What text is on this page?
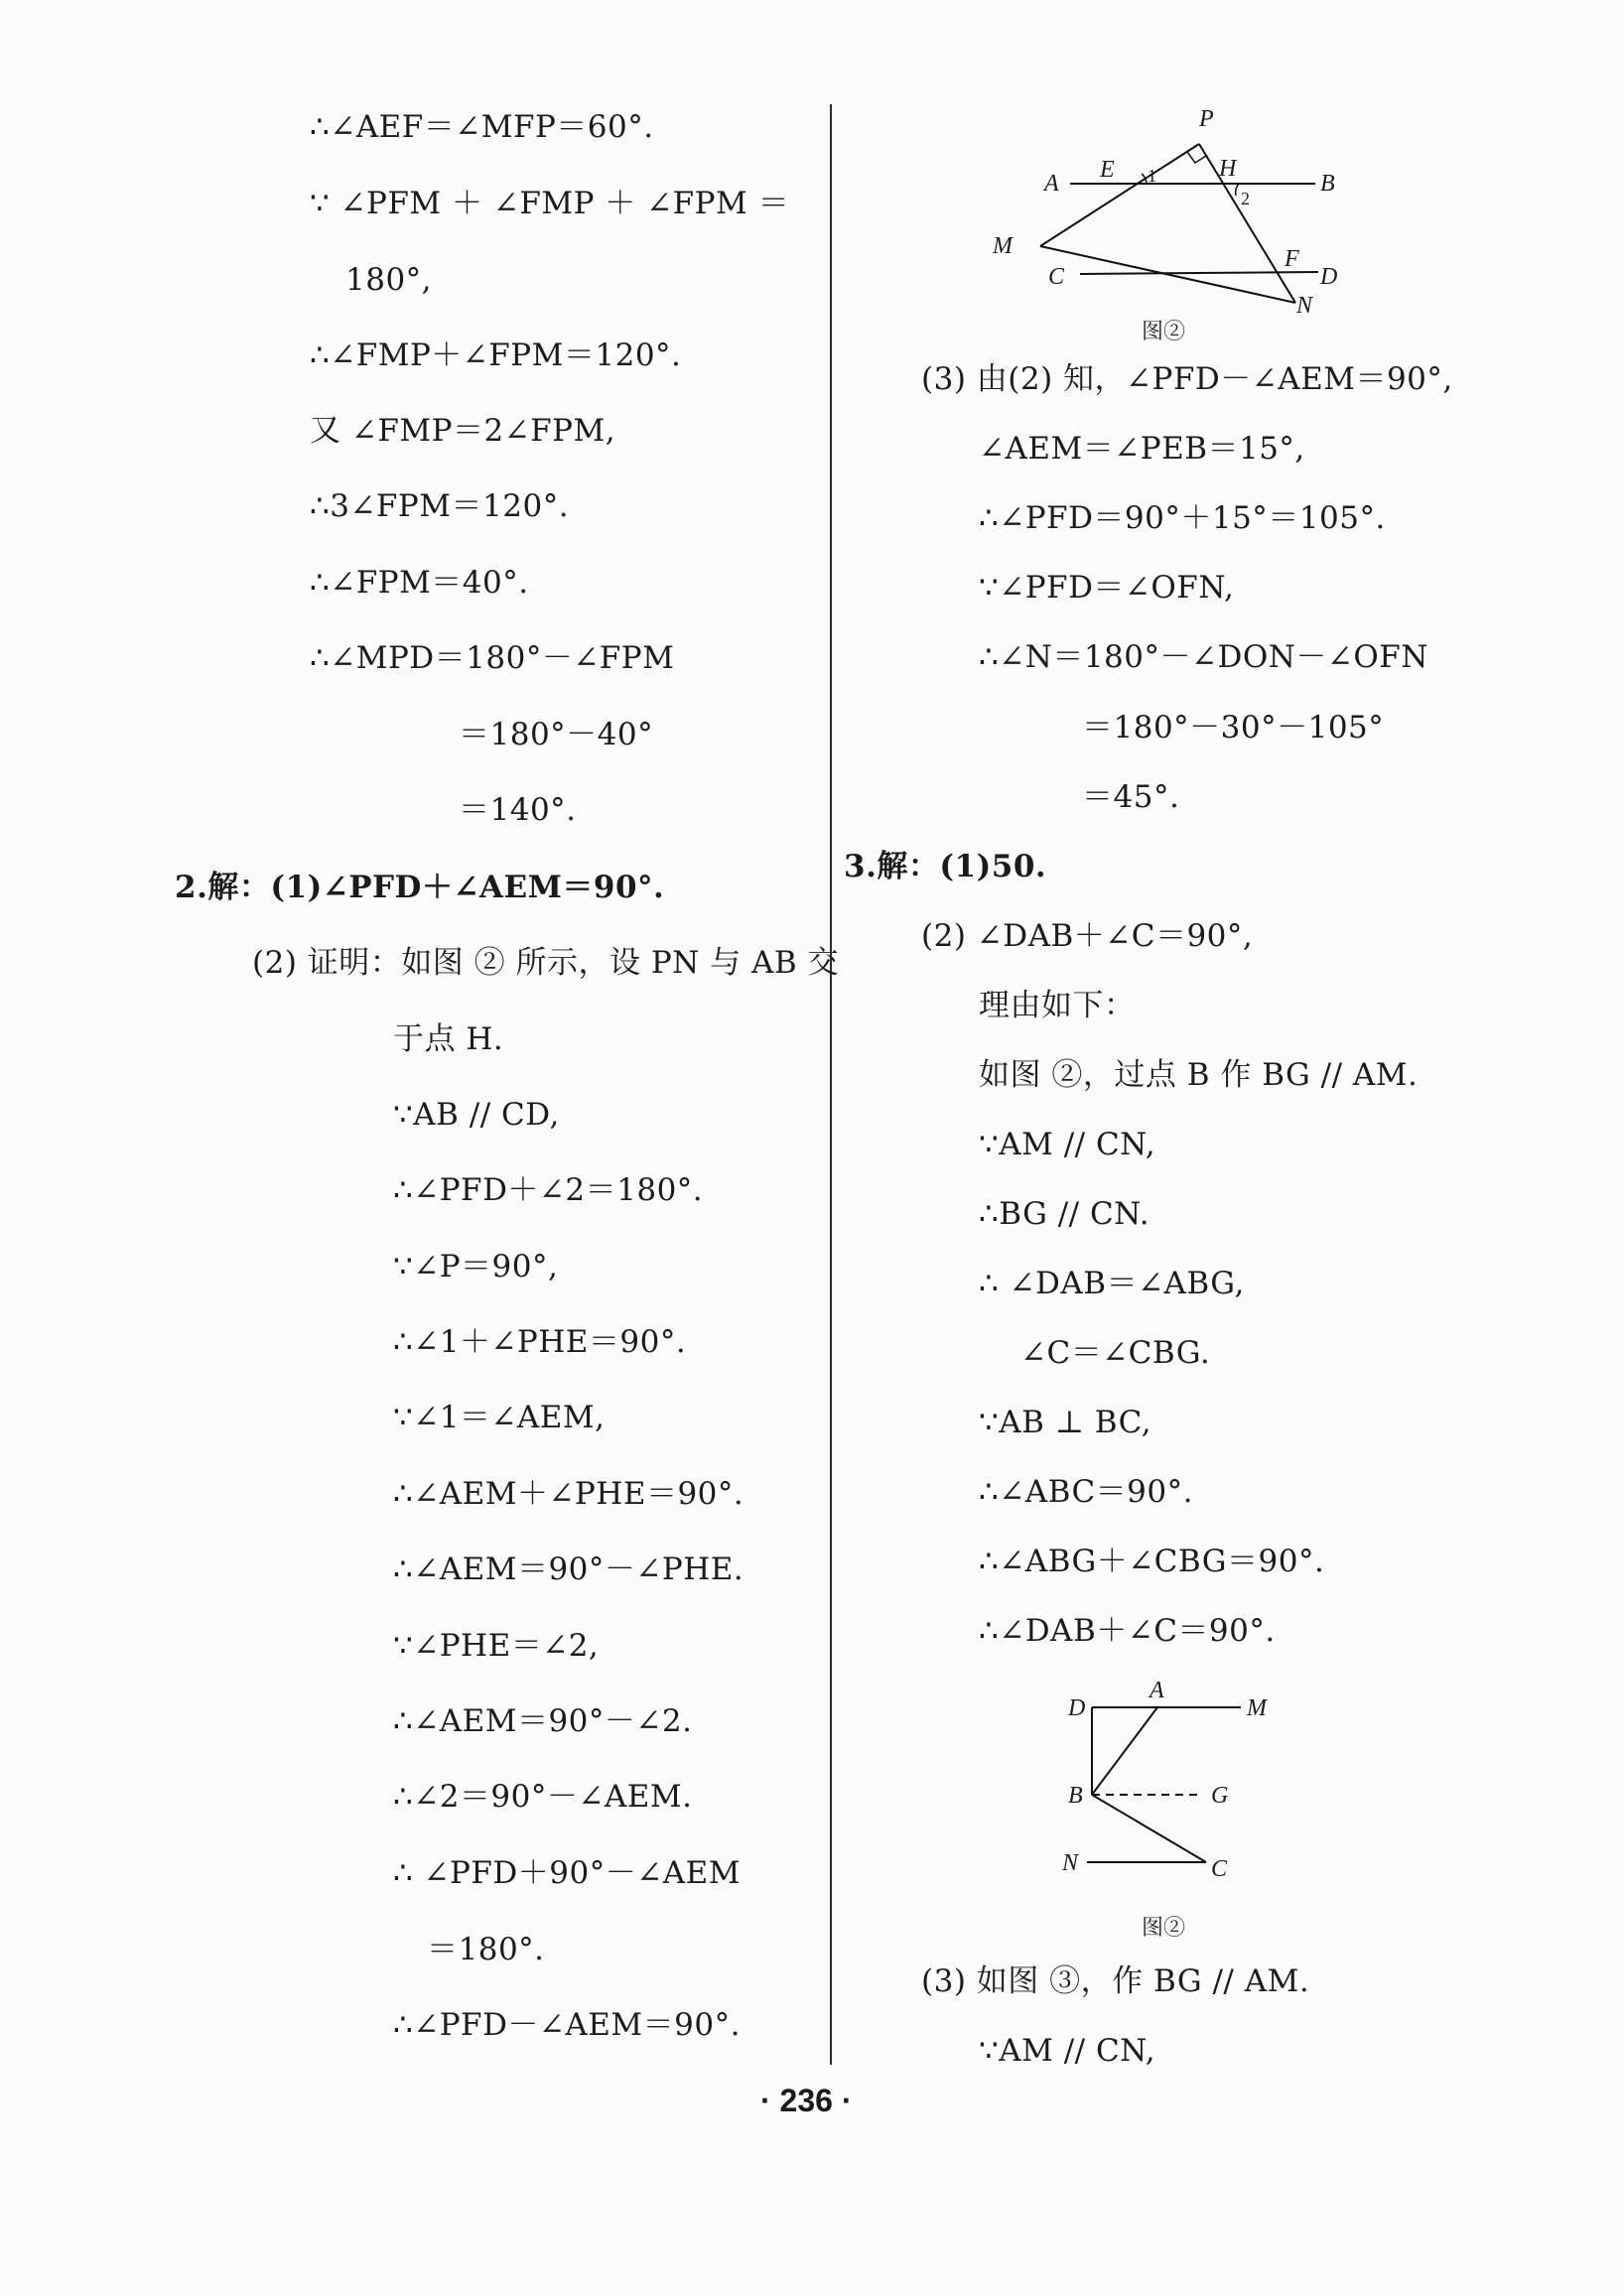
∴∠AEF＝∠MFP＝60°.
∵ ∠PFM ＋ ∠FMP ＋ ∠FPM ＝
180°,
∴∠FMP＋∠FPM＝120°.
又 ∠FMP＝2∠FPM,
∴3∠FPM＝120°.
∴∠FPM＝40°.
∴∠MPD＝180°－∠FPM
＝180°－40°
＝140°.
2.解：(1)∠PFD＋∠AEM＝90°.
(2) 证明：如图 ② 所示，设 PN 与 AB 交
于点 H.
∵AB // CD,
∴∠PFD＋∠2＝180°.
∵∠P＝90°,
∴∠1＋∠PHE＝90°.
∵∠1＝∠AEM,
∴∠AEM＋∠PHE＝90°.
∴∠AEM＝90°－∠PHE.
∵∠PHE＝∠2,
∴∠AEM＝90°－∠2.
∴∠2＝90°－∠AEM.
∴ ∠PFD＋90°－∠AEM
＝180°.
∴∠PFD－∠AEM＝90°.
P
A
E 1	H
2
B
M
C
F
D
N
图②
(3) 由(2) 知，∠PFD－∠AEM＝90°,
∠AEM＝∠PEB＝15°,
∴∠PFD＝90°＋15°＝105°.
∵∠PFD＝∠OFN,
∴∠N＝180°－∠DON－∠OFN
＝180°－30°－105°
＝45°.
3.解：(1)50.
(2) ∠DAB＋∠C＝90°,
理由如下：
如图 ②，过点 B 作 BG // AM.
∵AM // CN,
∴BG // CN.
∴ ∠DAB＝∠ABG,
∠C＝∠CBG.
∵AB ⊥ BC,
∴∠ABC＝90°.
∴∠ABG＋∠CBG＝90°.
∴∠DAB＋∠C＝90°.
D
A
M
B	G
N	C
图②
(3) 如图 ③，作 BG // AM.
∵AM // CN,
· 236 ·
